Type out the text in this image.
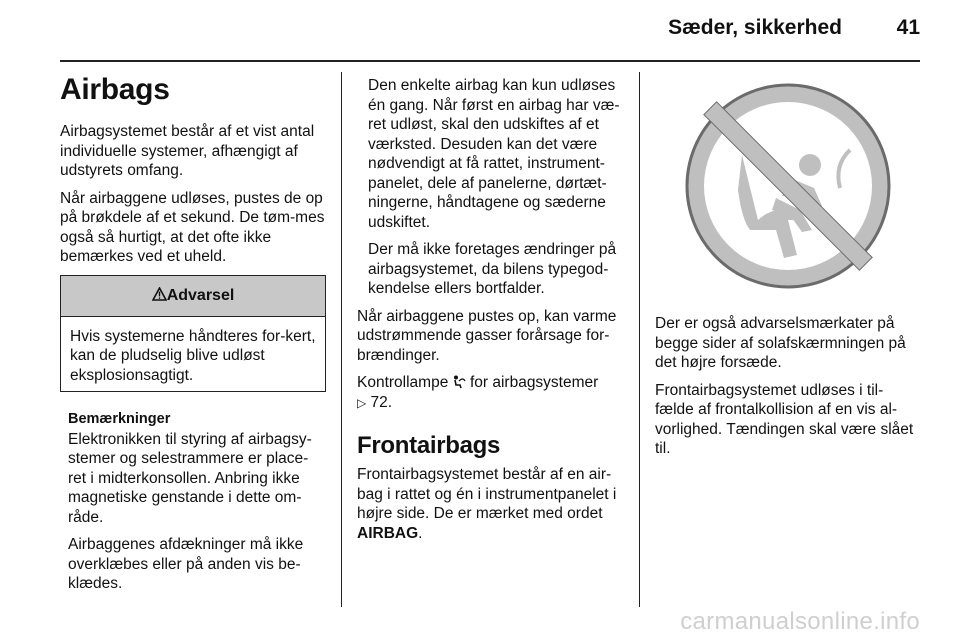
Sæder, sikkerhed	41
Airbags

Airbagsystemet består af et vist antal individuelle systemer, afhængigt af udstyrets omfang.

Når airbaggene udløses, pustes de op på brøkdele af et sekund. De tøm-mes også så hurtigt, at det ofte ikke bemærkes ved et uheld.

Advarsel
Hvis systemerne håndteres for-kert, kan de pludselig blive udløst eksplosionsagtigt.
Bemærkninger

Elektronikken til styring af airbagsy-stemer og selestrammere er place-ret i midterkonsollen. Anbring ikke magnetiske genstande i dette om-råde.

Airbaggenes afdækninger må ikke overklæbes eller på anden vis be-klædes.

Den enkelte airbag kan kun udløses én gang. Når først en airbag har væ-ret udløst, skal den udskiftes af et værksted. Desuden kan det være nødvendigt at få rattet, instrument-panelet, dele af panelerne, dørtæt-ningerne, håndtagene og sæderne udskiftet.

Der må ikke foretages ændringer på airbagsystemet, da bilens typegod-kendelse ellers bortfalder.

Når airbaggene pustes op, kan varme udstrømmende gasser forårsage for-brændinger.

Kontrollampe for airbagsystemer
▷ 72.

Frontairbags

Frontairbagsystemet består af en air-bag i rattet og én i instrumentpanelet i højre side. De er mærket med ordet AIRBAG.

Der er også advarselsmærkater på begge sider af solafskærmningen på det højre forsæde.

Frontairbagsystemet udløses i til-fælde af frontalkollision af en vis al-vorlighed. Tændingen skal være slået til.

carmanualsonline.info
